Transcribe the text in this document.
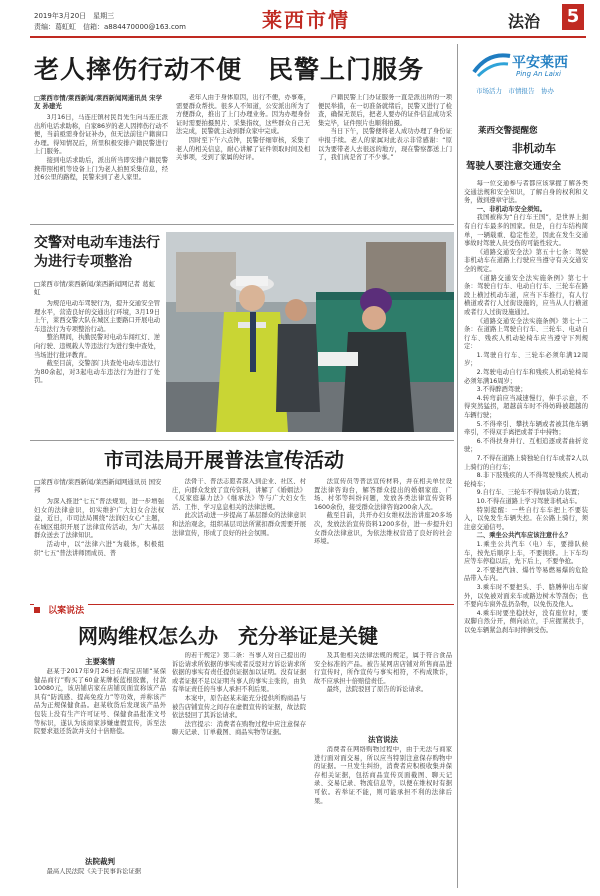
2019年3月20日　星期三
责编：葛虹虹　信箱：a884470000@163.com	莱西市情	法治 5
老人摔伤行动不便　民警上门服务
□莱西市情/莱西新闻/莱西新闻网通讯员 宋学友 孙建光

3月16日，马连庄镇村民肖先生向马连庄派出所电话求助称，自家86岁的老人因摔伤行动不便，当前亟需身份证补办，但无法前往户籍窗口办理。得知情况后，所里积极安排户籍民警进行上门服务。

接到电话求助后，派出所当即安排户籍民警携带照相机等设备上门为老人拍照采集信息，经过6公里的路程，民警来到了老人家里。

老年人由于身体原因，出行不便，办事难，需要群众帮扶。很多人不知道，公安派出所为了方便群众，推出了上门办理业务。因为办理身份证时需要拍摄照片、采集指纹，这些群众自己无法完成，民警就主动到群众家中完成。

因时至下午六点钟，民警仔细审核，采集了老人的相关信息，耐心讲解了证件领取时间及相关事项，受到了家属的好评。

户籍民警上门办证服务一直是派出所的一项便民举措，在一切准备就绪后，民警又进行了检查，确保无误后，把老人要办的证件信息成功采集完毕，证件照片也顺利拍摄。

当日下午，民警便将老人成功办理了身份证申报手续。老人的家属对此表示非常感谢：“原以为要带老人去很远的地方，现在警察都送上门了，我们真是省了不少事。”

平安莱西
Ping An Laixi
市场活力　市情报告　协办
交警对电动车违法行为进行专项整治
□莱西市情/莱西新闻/莱西新闻网记者 葛虹虹

为规范电动车驾驶行为，提升交通安全管理水平，营造良好的交通出行环境，3月19日上午，莱西交警大队在城区主要路口开展电动车违法行为专项整治行动。

整治期间，执勤民警对电动车闯红灯、逆向行驶、违规载人等违法行为进行集中查处，当场进行批评教育。

截至目前，交警部门共查处电动车违法行为80余起，对3起电动车违法行为进行了处罚。

市司法局开展普法宣传活动
□莱西市情/莱西新闻/莱西新闻网通讯员 国安邦

为深入推进“七五”普法规划，进一步增强妇女的法律意识，切实维护广大妇女合法权益，近日，市司法局围绕“法润妇女心”主题，在城区组织开展了法律宣传活动，为广大基层群众送去了法律知识。

活动中，以“法律六进”为载体，积极组织“七五”普法讲师团成员、普

法骨干、普法志愿者深入到企业、社区、村庄，向群众发放了宣传资料，讲解了《婚姻法》《反家庭暴力法》《继承法》等与广大妇女生活、工作、学习息息相关的法律法规。

此次活动进一步提高了基层群众的法律意识和法治观念，组织基层司法所紧扣群众需要开展法律宣传，形成了良好的社会氛围。

法宣传员等普法宣传材料，并在相关单位设置法律咨询台，解答群众提出的婚姻家庭、广场、村邻等纠纷问题，发放各类法律宣传资料1600余份，接受群众法律咨询200余人次。

截至目前，共开办妇女维权法治讲座20多场次，发放法治宣传资料1200多份，进一步提升妇女群众法律意识，为依法维权营造了良好的社会环境。

以案说法
网购维权怎么办　充分举证是关键
主要案情

赵某于2017年9月26日在淘宝店铺“某保健品商行”购买了60盒某牌板蓝根胶囊，付款10080元，该店铺店家在店铺页面宣称该产品具有“防流感、提高免疫力”等功效，并称该产品为正规保健食品。赵某收货后发现该产品外包装上没有生产许可证号、保健食品批准文号等标识，遂认为该商家涉嫌虚假宣传，诉至法院要求退还货款并支付十倍赔偿。

法院裁判

最高人民法院《关于民事诉讼证据

的若干规定》第二条：当事人对自己提出的诉讼请求所依据的事实或者反驳对方诉讼请求所依据的事实有责任提供证据加以证明。没有证据或者证据不足以证明当事人的事实主张的，由负有举证责任的当事人承担不利后果。

本案中，原告赵某未能充分提供所购商品与被告店铺宣传之间存在虚假宣传的证据，故法院依法驳回了其诉讼请求。

法官提示：消费者在购物过程中应注意保存聊天记录、订单截图、商品实物等证据。

及其他相关法律法规的规定，属于符合食品安全标准的产品。被告某网店店铺对所售商品进行宣传时，所作宣传与事实相符，不构成欺诈，故不应承担十倍赔偿责任。

最终，法院驳回了原告的诉讼请求。

法官说法

消费者在网络购物过程中，由于无法与商家进行面对面交易，所以应当特别注意保存购物中的证据。一旦发生纠纷，消费者应积极收集并保存相关证据，包括商品宣传页面截图、聊天记录、交易记录、物流信息等，以便在维权时有据可依。若举证不能，则可能承担不利的法律后果。

莱西交警提醒您
非机动车
驾驶人要注意交通安全

每一位交通参与者都应该掌握了解各类交通法规和安全知识，了解自身的权利和义务，做到遵章守法。

一、非机动车安全须知。

我国被称为“自行车王国”，是世界上拥有自行车最多的国家。但是，自行车结构简单，一辆载重、稳定性差，因此在发生交通事故时驾驶人员受伤的可能性较大。

《道路交通安全法》第五十七条：驾驶非机动车在道路上行驶应当遵守有关交通安全的规定。

《道路交通安全法实施条例》第七十条：驾驶自行车、电动自行车、三轮车在路段上横过机动车道，应当下车推行，有人行横道或者行人过街设施的，应当从人行横道或者行人过街设施通过。

《道路交通安全法实施条例》第七十二条：在道路上驾驶自行车、三轮车、电动自行车、残疾人机动轮椅车应当遵守下列规定：

1.驾驶自行车、三轮车必须年满12周岁；

2.驾驶电动自行车和残疾人机动轮椅车必须年满16周岁；

3.不得醉酒驾驶；

4.转弯前应当减速慢行，伸手示意，不得突然猛拐，超越前车时不得妨碍被超越的车辆行驶；

5.不得牵引、攀扶车辆或者被其他车辆牵引，不得双手离把或者手中持物；

6.不得扶身并行、互相追逐或者曲折竞驶；

7.不得在道路上骑独轮自行车或者2人以上骑行的自行车；

8.非下肢残疾的人不得驾驶残疾人机动轮椅车；

9.自行车、三轮车不得加装动力装置；

10.不得在道路上学习驾驶非机动车。

特别提醒：一些自行车车把上不要装入，以免发生车辆失控。在公路上骑行，须注意交通信号。

二、乘坐公共汽车应该注意什么？

1.乘坐公共汽车（电）车，要排队候车，按先后顺序上车，不要拥挤。上下车均应等车停稳以后，先下后上，不要争抢。

2.不要把汽油、爆竹等易燃易爆的危险品带入车内。

3.乘车时不要把头、手、胳膊伸出车窗外，以免被对面来车或路边树木等刮伤；也不要向车窗外乱扔杂物，以免伤及他人。

4.乘车时要坐稳扶好，没有座位时，要双脚自然分开，侧向站立，手应握紧扶手，以免车辆紧急刹车时摔倒受伤。
